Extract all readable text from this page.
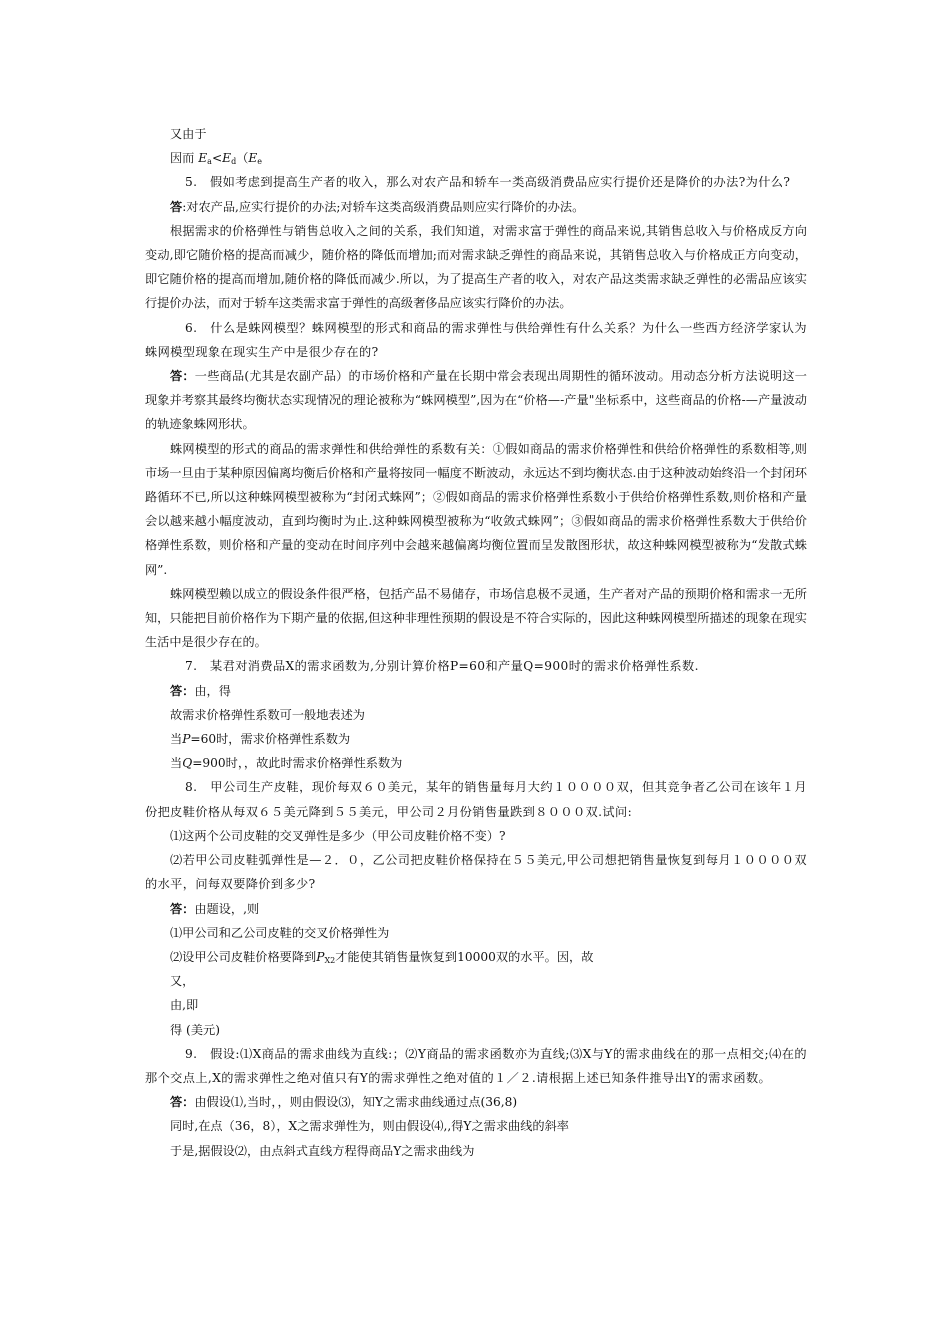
又由于

因而 $E_a<E_d(E_e$

5.　假如考虑到提高生产者的收入，那么对农产品和轿车一类高级消费品应实行提价还是降价的办法?为什么?

答:对农产品,应实行提价的办法;对轿车这类高级消费品则应实行降价的办法。

根据需求的价格弹性与销售总收入之间的关系，我们知道，对需求富于弹性的商品来说,其销售总收入与价格成反方向变动,即它随价格的提高而减少，随价格的降低而增加;而对需求缺乏弹性的商品来说，其销售总收入与价格成正方向变动，即它随价格的提高而增加,随价格的降低而减少.所以，为了提高生产者的收入，对农产品这类需求缺乏弹性的必需品应该实行提价办法，而对于轿车这类需求富于弹性的高级奢侈品应该实行降价的办法。

6.　什么是蛛网模型？蛛网模型的形式和商品的需求弹性与供给弹性有什么关系？为什么一些西方经济学家认为蛛网模型现象在现实生产中是很少存在的?

答：一些商品(尤其是农副产品）的市场价格和产量在长期中常会表现出周期性的循环波动。用动态分析方法说明这一现象并考察其最终均衡状态实现情况的理论被称为“蛛网模型”,因为在“价格—-产量"坐标系中，这些商品的价格-—产量波动的轨迹象蛛网形状。

蛛网模型的形式的商品的需求弹性和供给弹性的系数有关：①假如商品的需求价格弹性和供给价格弹性的系数相等,则市场一旦由于某种原因偏离均衡后价格和产量将按同一幅度不断波动，永远达不到均衡状态.由于这种波动始终沿一个封闭环路循环不已,所以这种蛛网模型被称为“封闭式蛛网”；②假如商品的需求价格弹性系数小于供给价格弹性系数,则价格和产量会以越来越小幅度波动，直到均衡时为止.这种蛛网模型被称为“收敛式蛛网”；③假如商品的需求价格弹性系数大于供给价格弹性系数，则价格和产量的变动在时间序列中会越来越偏离均衡位置而呈发散图形状，故这种蛛网模型被称为“发散式蛛网”.

蛛网模型赖以成立的假设条件很严格，包括产品不易储存，市场信息极不灵通，生产者对产品的预期价格和需求一无所知，只能把目前价格作为下期产量的依据,但这种非理性预期的假设是不符合实际的，因此这种蛛网模型所描述的现象在现实生活中是很少存在的。

7.　某君对消费品X的需求函数为,分别计算价格P=60和产量Q=900时的需求价格弹性系数.

答：由，得

故需求价格弹性系数可一般地表述为

当P=60时，需求价格弹性系数为

当Q=900时，，故此时需求价格弹性系数为

8.　甲公司生产皮鞋，现价每双６０美元，某年的销售量每月大约１００００双，但其竞争者乙公司在该年１月份把皮鞋价格从每双６５美元降到５５美元，甲公司２月份销售量跌到８０００双.试问:

⑴这两个公司皮鞋的交叉弹性是多少（甲公司皮鞋价格不变）?

⑵若甲公司皮鞋弧弹性是—２．０，乙公司把皮鞋价格保持在５５美元,甲公司想把销售量恢复到每月１００００双的水平，问每双要降价到多少?

答：由题设，,则

⑴甲公司和乙公司皮鞋的交叉价格弹性为

⑵设甲公司皮鞋价格要降到$P_{X2}$才能使其销售量恢复到10000双的水平。因，故

又，

由,即

得 (美元)

9.　假设:⑴X商品的需求曲线为直线:；⑵Y商品的需求函数亦为直线;⑶X与Y的需求曲线在的那一点相交;⑷在的那个交点上,X的需求弹性之绝对值只有Y的需求弹性之绝对值的１／２.请根据上述已知条件推导出Y的需求函数。

答：由假设⑴,当时，，则由假设⑶，知Y之需求曲线通过点(36,8)

同时,在点（36，8），X之需求弹性为，则由假设⑷,,得Y之需求曲线的斜率

于是,据假设⑵，由点斜式直线方程得商品Y之需求曲线为
